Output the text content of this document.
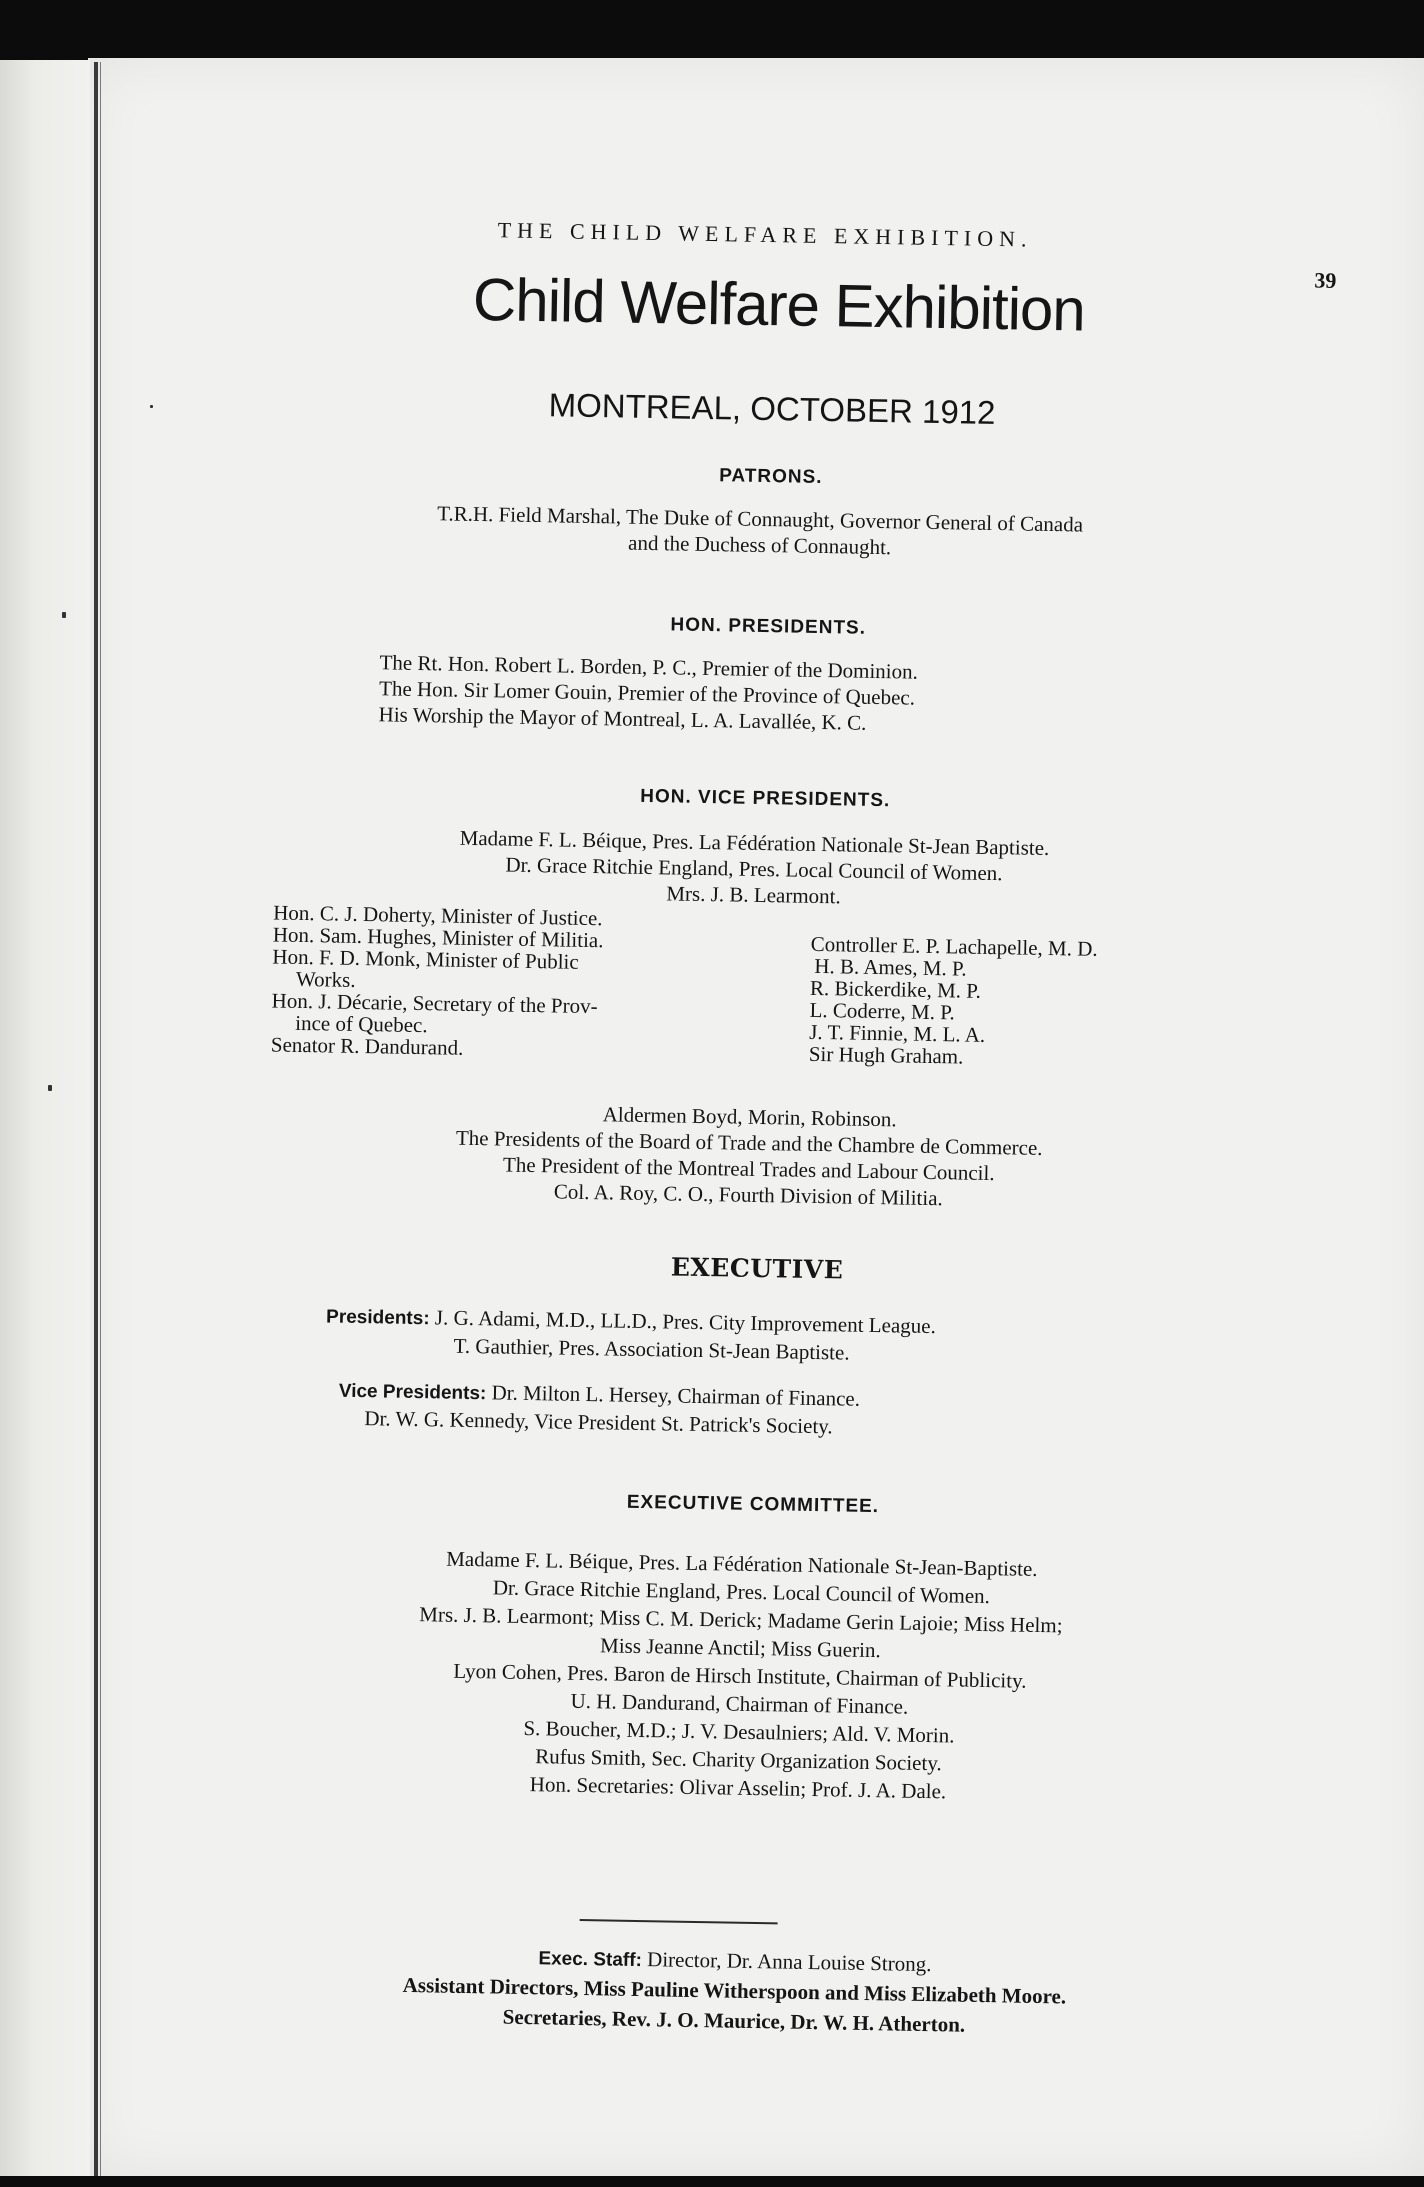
THE CHILD WELFARE EXHIBITION.
39
Child Welfare Exhibition
MONTREAL, OCTOBER 1912
PATRONS.
T.R.H. Field Marshal, The Duke of Connaught, Governor General of Canada
and the Duchess of Connaught.
HON. PRESIDENTS.
The Rt. Hon. Robert L. Borden, P. C., Premier of the Dominion.
The Hon. Sir Lomer Gouin, Premier of the Province of Quebec.
His Worship the Mayor of Montreal, L. A. Lavallée, K. C.
HON. VICE PRESIDENTS.
Madame F. L. Béique, Pres. La Fédération Nationale St-Jean Baptiste.
Dr. Grace Ritchie England, Pres. Local Council of Women.
Mrs. J. B. Learmont.
Hon. C. J. Doherty, Minister of Justice.
Hon. Sam. Hughes, Minister of Militia.
Hon. F. D. Monk, Minister of Public
Works.
Hon. J. Décarie, Secretary of the Prov-
ince of Quebec.
Senator R. Dandurand.
Controller E. P. Lachapelle, M. D.
H. B. Ames, M. P.
R. Bickerdike, M. P.
L. Coderre, M. P.
J. T. Finnie, M. L. A.
Sir Hugh Graham.
Aldermen Boyd, Morin, Robinson.
The Presidents of the Board of Trade and the Chambre de Commerce.
The President of the Montreal Trades and Labour Council.
Col. A. Roy, C. O., Fourth Division of Militia.
EXECUTIVE
Presidents: J. G. Adami, M.D., LL.D., Pres. City Improvement League.
T. Gauthier, Pres. Association St-Jean Baptiste.
Vice Presidents: Dr. Milton L. Hersey, Chairman of Finance.
Dr. W. G. Kennedy, Vice President St. Patrick's Society.
EXECUTIVE COMMITTEE.
Madame F. L. Béique, Pres. La Fédération Nationale St-Jean-Baptiste.
Dr. Grace Ritchie England, Pres. Local Council of Women.
Mrs. J. B. Learmont; Miss C. M. Derick; Madame Gerin Lajoie; Miss Helm;
Miss Jeanne Anctil; Miss Guerin.
Lyon Cohen, Pres. Baron de Hirsch Institute, Chairman of Publicity.
U. H. Dandurand, Chairman of Finance.
S. Boucher, M.D.; J. V. Desaulniers; Ald. V. Morin.
Rufus Smith, Sec. Charity Organization Society.
Hon. Secretaries: Olivar Asselin; Prof. J. A. Dale.
Exec. Staff: Director, Dr. Anna Louise Strong.
Assistant Directors, Miss Pauline Witherspoon and Miss Elizabeth Moore.
Secretaries, Rev. J. O. Maurice, Dr. W. H. Atherton.
